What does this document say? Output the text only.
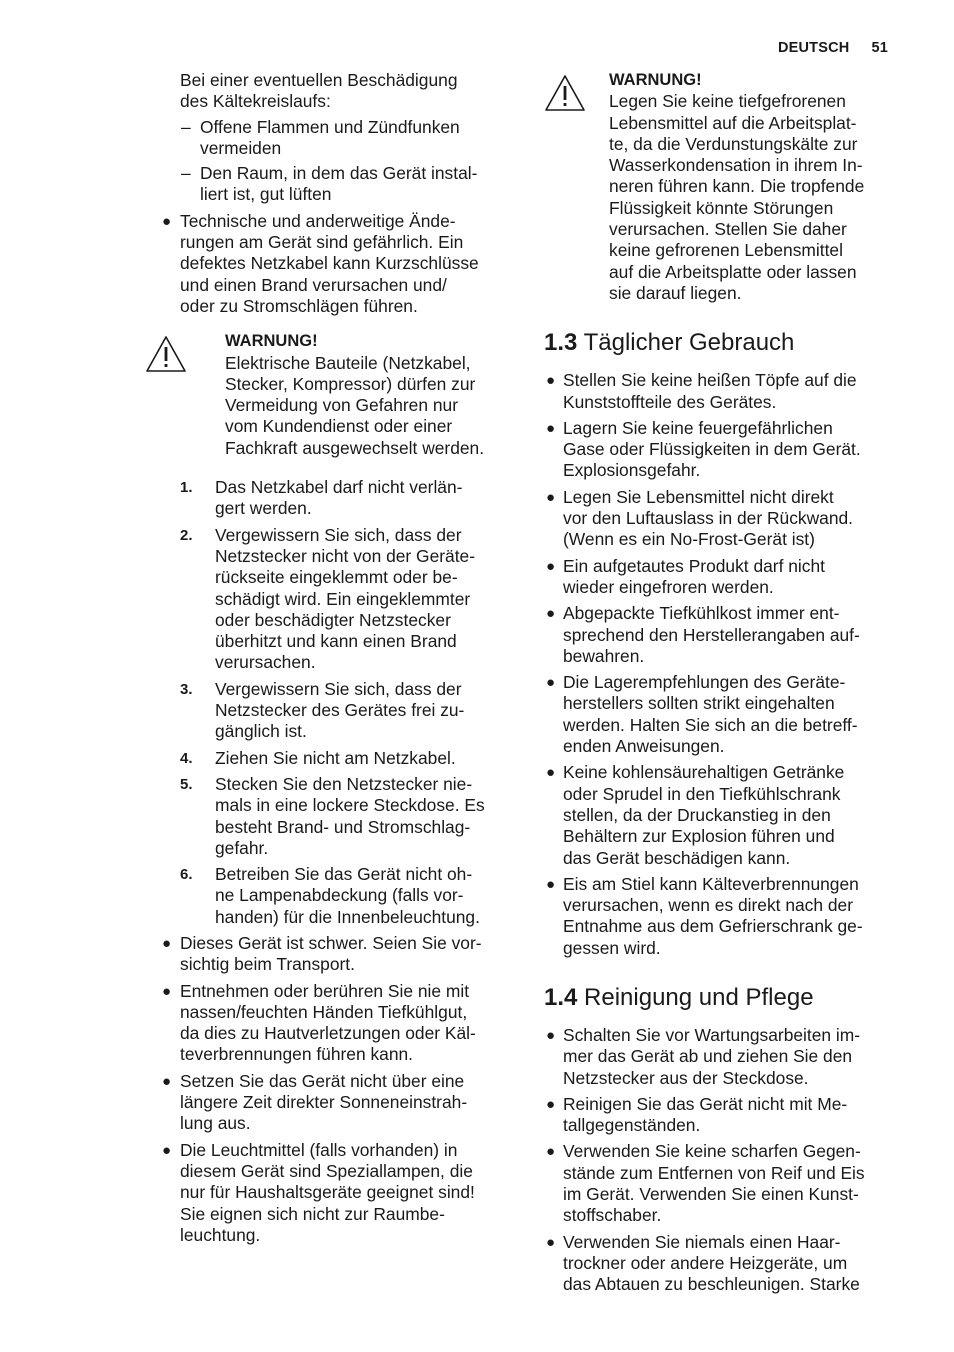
DEUTSCH 51

Bei einer eventuellen Beschädigung
des Kältekreislaufs:

– Offene Flammen und Zündfunken
vermeiden
– Den Raum, in dem das Gerät instal-
liert ist, gut lüften
● Technische und anderweitige Ände-
rungen am Gerät sind gefährlich. Ein
defektes Netzkabel kann Kurzschlüsse
und einen Brand verursachen und/
oder zu Stromschlägen führen.
WARNUNG!
Elektrische Bauteile (Netzkabel,
Stecker, Kompressor) dürfen zur
Vermeidung von Gefahren nur
vom Kundendienst oder einer
Fachkraft ausgewechselt werden.
1. Das Netzkabel darf nicht verlän-
gert werden.
2. Vergewissern Sie sich, dass der
Netzstecker nicht von der Geräte-
rückseite eingeklemmt oder be-
schädigt wird. Ein eingeklemmter
oder beschädigter Netzstecker
überhitzt und kann einen Brand
verursachen.
3. Vergewissern Sie sich, dass der
Netzstecker des Gerätes frei zu-
gänglich ist.
4. Ziehen Sie nicht am Netzkabel.
5. Stecken Sie den Netzstecker nie-
mals in eine lockere Steckdose. Es
besteht Brand- und Stromschlag-
gefahr.
6. Betreiben Sie das Gerät nicht oh-
ne Lampenabdeckung (falls vor-
handen) für die Innenbeleuchtung.
● Dieses Gerät ist schwer. Seien Sie vor-
sichtig beim Transport.
● Entnehmen oder berühren Sie nie mit
nassen/feuchten Händen Tiefkühlgut,
da dies zu Hautverletzungen oder Käl-
teverbrennungen führen kann.
● Setzen Sie das Gerät nicht über eine
längere Zeit direkter Sonneneinstrah-
lung aus.
● Die Leuchtmittel (falls vorhanden) in
diesem Gerät sind Speziallampen, die
nur für Haushaltsgeräte geeignet sind!
Sie eignen sich nicht zur Raumbe-
leuchtung.
WARNUNG!
Legen Sie keine tiefgefrorenen
Lebensmittel auf die Arbeitsplat-
te, da die Verdunstungskälte zur
Wasserkondensation in ihrem In-
neren führen kann. Die tropfende
Flüssigkeit könnte Störungen
verursachen. Stellen Sie daher
keine gefrorenen Lebensmittel
auf die Arbeitsplatte oder lassen
sie darauf liegen.
1.3 Täglicher Gebrauch
● Stellen Sie keine heißen Töpfe auf die
Kunststoffteile des Gerätes.
● Lagern Sie keine feuergefährlichen
Gase oder Flüssigkeiten in dem Gerät.
Explosionsgefahr.
● Legen Sie Lebensmittel nicht direkt
vor den Luftauslass in der Rückwand.
(Wenn es ein No-Frost-Gerät ist)
● Ein aufgetautes Produkt darf nicht
wieder eingefroren werden.
● Abgepackte Tiefkühlkost immer ent-
sprechend den Herstellerangaben auf-
bewahren.
● Die Lagerempfehlungen des Geräte-
herstellers sollten strikt eingehalten
werden. Halten Sie sich an die betreff-
enden Anweisungen.
● Keine kohlensäurehaltigen Getränke
oder Sprudel in den Tiefkühlschrank
stellen, da der Druckanstieg in den
Behältern zur Explosion führen und
das Gerät beschädigen kann.
● Eis am Stiel kann Kälteverbrennungen
verursachen, wenn es direkt nach der
Entnahme aus dem Gefrierschrank ge-
gessen wird.
1.4 Reinigung und Pflege
● Schalten Sie vor Wartungsarbeiten im-
mer das Gerät ab und ziehen Sie den
Netzstecker aus der Steckdose.
● Reinigen Sie das Gerät nicht mit Me-
tallgegenständen.
● Verwenden Sie keine scharfen Gegen-
stände zum Entfernen von Reif und Eis
im Gerät. Verwenden Sie einen Kunst-
stoffschaber.
● Verwenden Sie niemals einen Haar-
trockner oder andere Heizgeräte, um
das Abtauen zu beschleunigen. Starke
